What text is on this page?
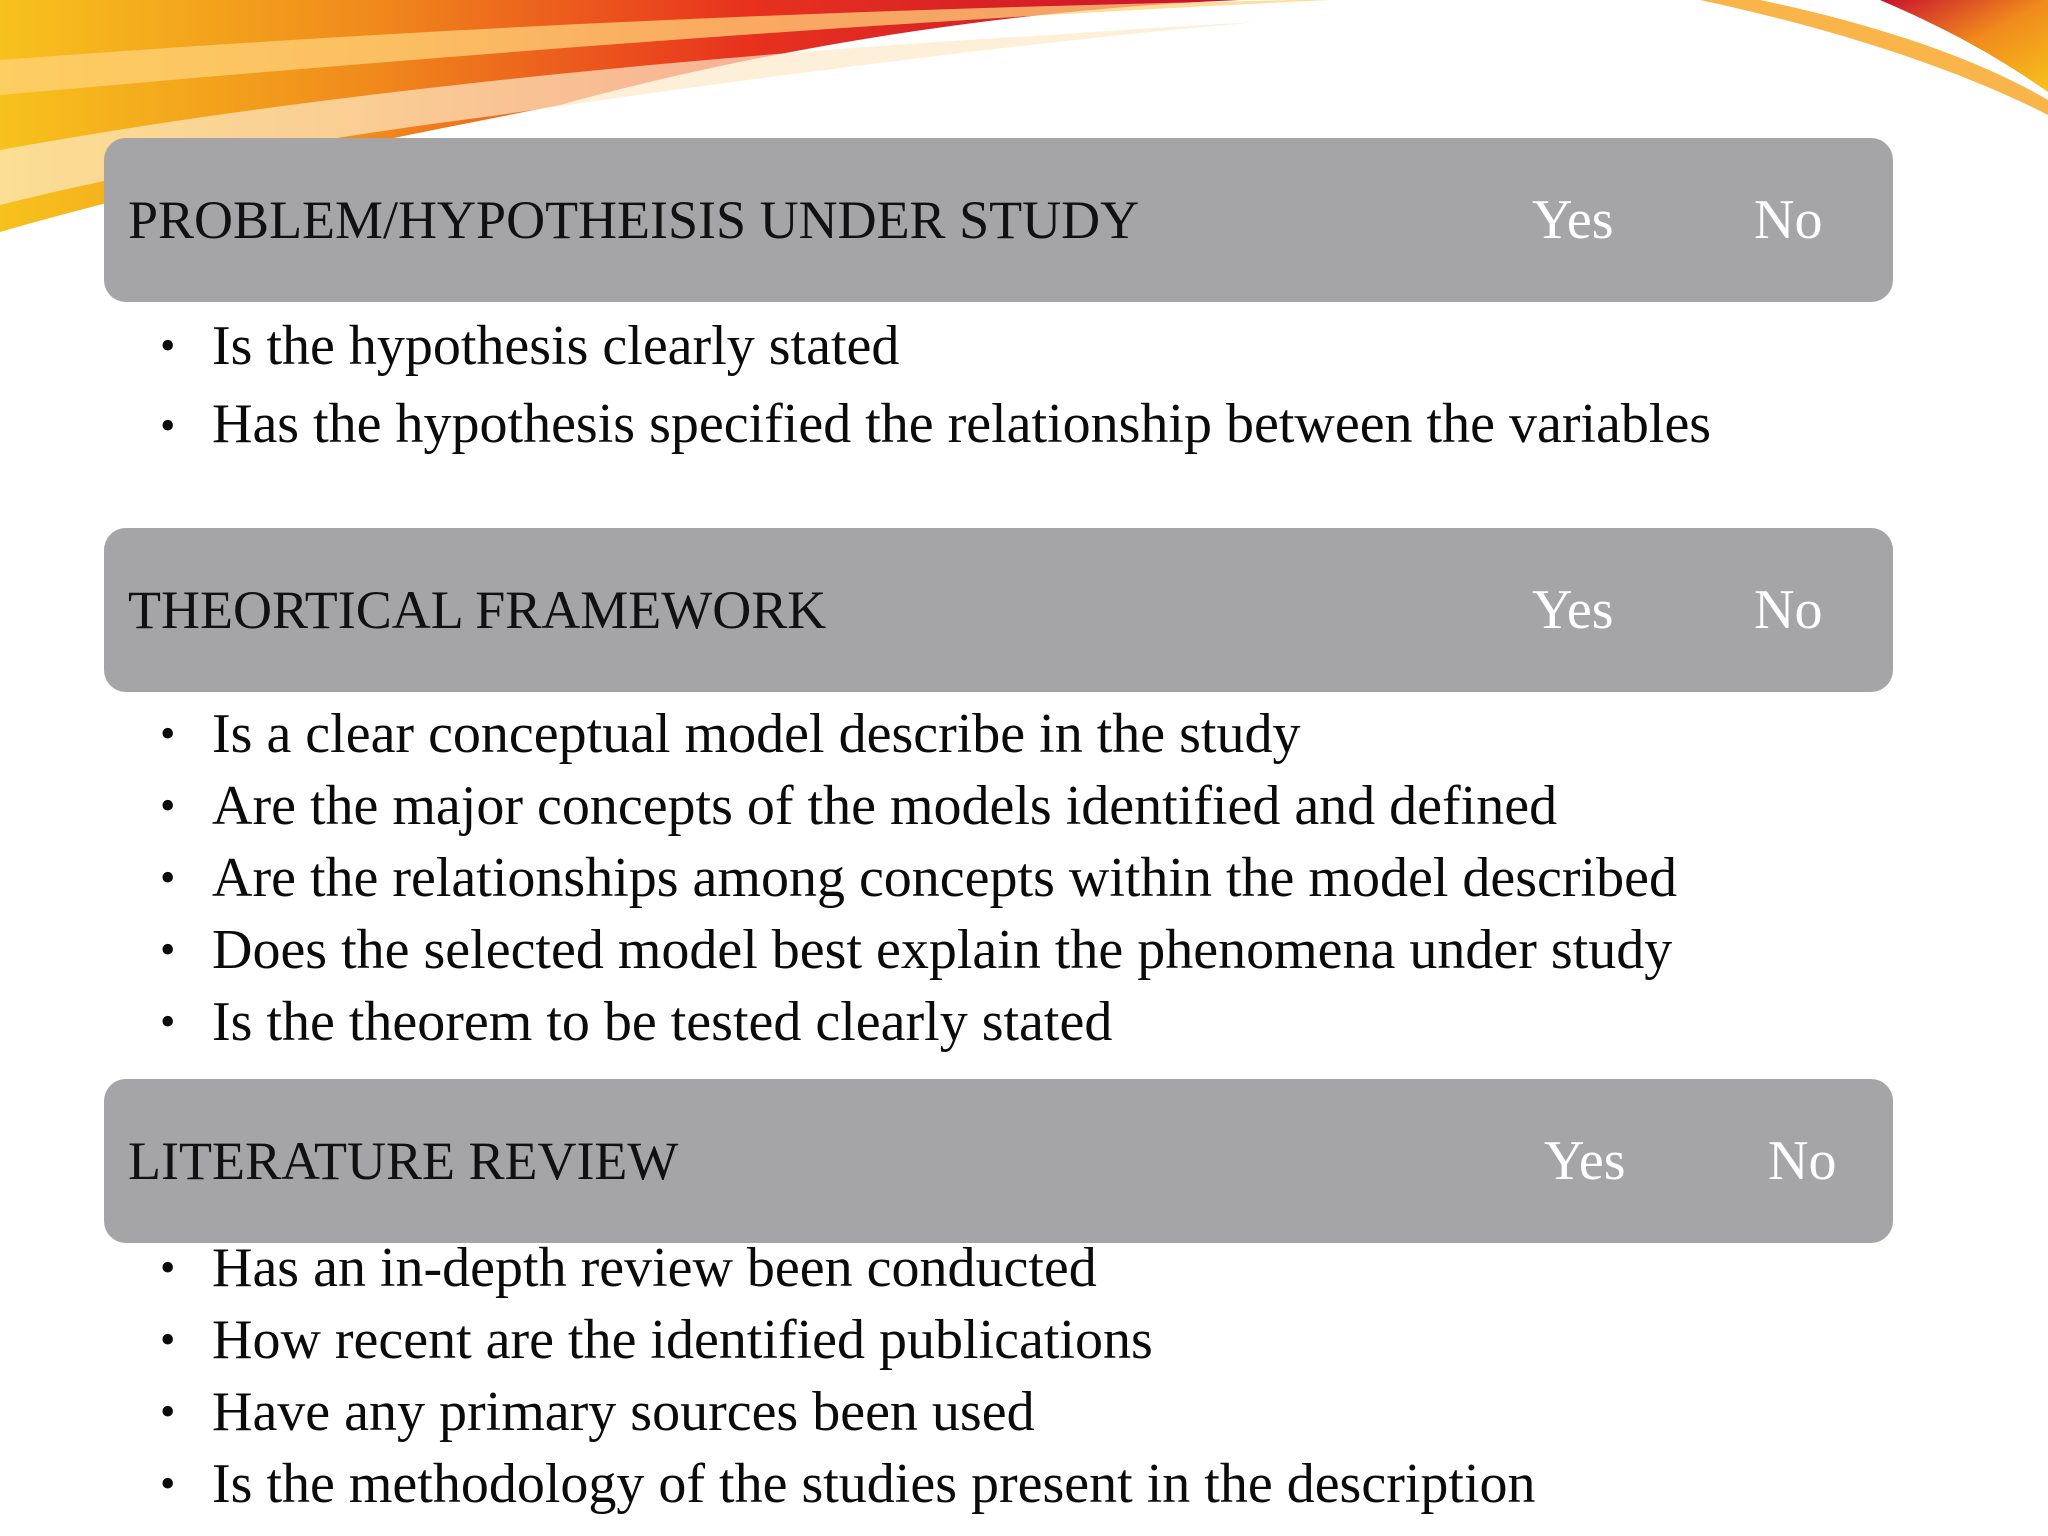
PROBLEM/HYPOTHEISIS UNDER STUDY	Yes	No
• Is the hypothesis clearly stated
• Has the hypothesis specified the relationship between the variables
THEORTICAL FRAMEWORK	Yes	No
• Is a clear conceptual model describe in the study
• Are the major concepts of the models identified and defined
• Are the relationships among concepts within the model described
• Does the selected model best explain the phenomena under study
• Is the theorem to be tested clearly stated
LITERATURE REVIEW	Yes	No
• Has an in-depth review been conducted
• How recent are the identified publications
• Have any primary sources been used
• Is the methodology of the studies present in the description
